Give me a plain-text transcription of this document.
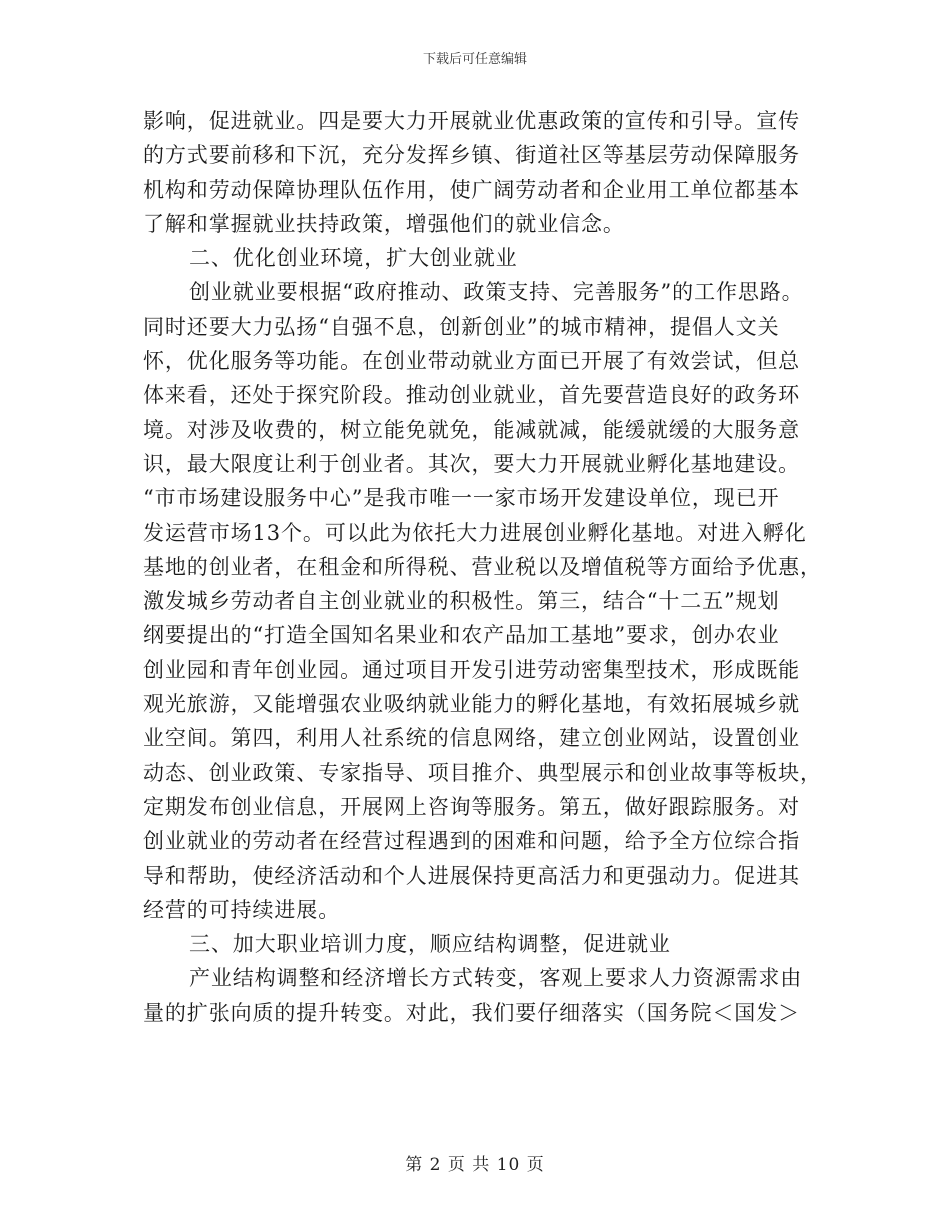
下载后可任意编辑
影响，促进就业。四是要大力开展就业优惠政策的宣传和引导。宣传
的方式要前移和下沉，充分发挥乡镇、街道社区等基层劳动保障服务
机构和劳动保障协理队伍作用，使广阔劳动者和企业用工单位都基本
了解和掌握就业扶持政策，增强他们的就业信念。
二、优化创业环境，扩大创业就业
创业就业要根据“政府推动、政策支持、完善服务”的工作思路。
同时还要大力弘扬“自强不息，创新创业”的城市精神，提倡人文关
怀，优化服务等功能。在创业带动就业方面已开展了有效尝试，但总
体来看，还处于探究阶段。推动创业就业，首先要营造良好的政务环
境。对涉及收费的，树立能免就免，能减就减，能缓就缓的大服务意
识，最大限度让利于创业者。其次，要大力开展就业孵化基地建设。
“市市场建设服务中心”是我市唯一一家市场开发建设单位，现已开
发运营市场13个。可以此为依托大力进展创业孵化基地。对进入孵化
基地的创业者，在租金和所得税、营业税以及增值税等方面给予优惠，
激发城乡劳动者自主创业就业的积极性。第三，结合“十二五”规划
纲要提出的“打造全国知名果业和农产品加工基地”要求，创办农业
创业园和青年创业园。通过项目开发引进劳动密集型技术，形成既能
观光旅游，又能增强农业吸纳就业能力的孵化基地，有效拓展城乡就
业空间。第四，利用人社系统的信息网络，建立创业网站，设置创业
动态、创业政策、专家指导、项目推介、典型展示和创业故事等板块，
定期发布创业信息，开展网上咨询等服务。第五，做好跟踪服务。对
创业就业的劳动者在经营过程遇到的困难和问题，给予全方位综合指
导和帮助，使经济活动和个人进展保持更高活力和更强动力。促进其
经营的可持续进展。
三、加大职业培训力度，顺应结构调整，促进就业
产业结构调整和经济增长方式转变，客观上要求人力资源需求由
量的扩张向质的提升转变。对此，我们要仔细落实（国务院＜国发＞
第 2 页 共 10 页
